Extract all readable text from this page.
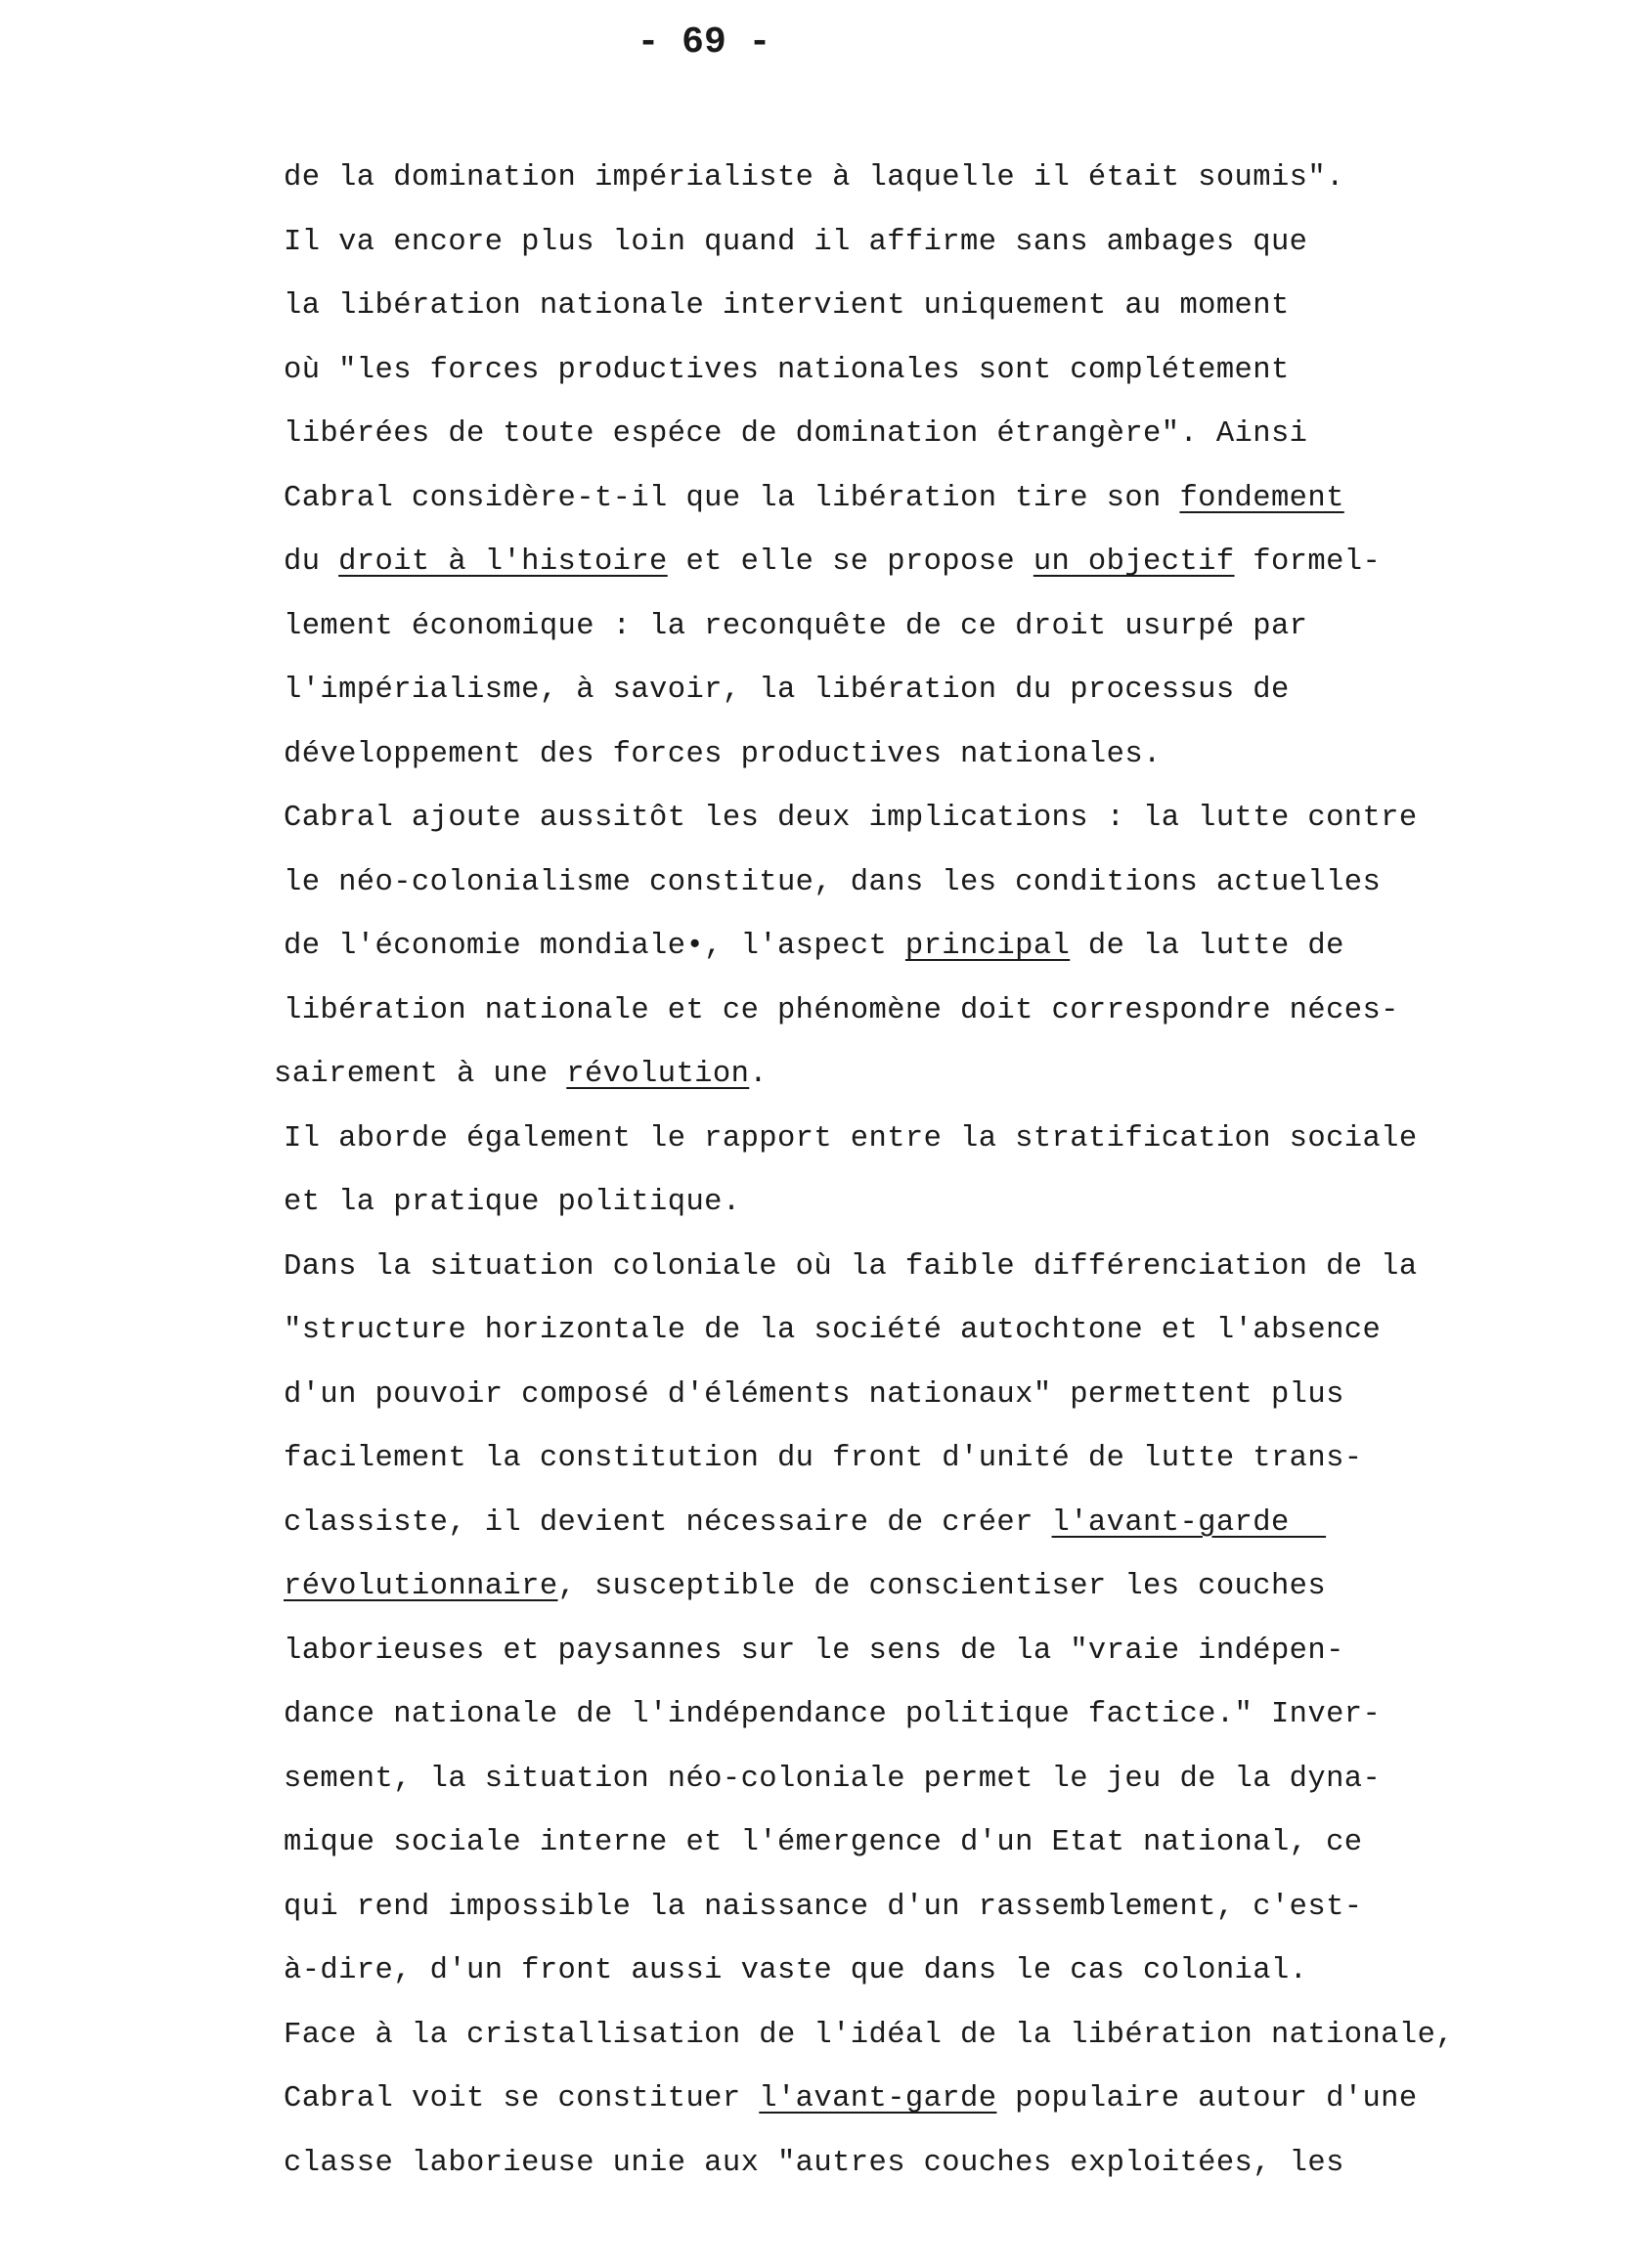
- 69 -
de la domination impérialiste à laquelle il était soumis".
Il va encore plus loin quand il affirme sans ambages que
la libération nationale intervient uniquement au moment
où "les forces productives nationales sont complétement
libérées de toute espéce de domination étrangère". Ainsi
Cabral considère-t-il que la libération tire son fondement
du droit à l'histoire et elle se propose un objectif formel-
lement économique : la reconquête de ce droit usurpé par
l'impérialisme, à savoir, la libération du processus de
développement des forces productives nationales.
Cabral ajoute aussitôt les deux implications : la lutte contre
le néo-colonialisme constitue, dans les conditions actuelles
de l'économie mondiale•, l'aspect principal de la lutte de
libération nationale et ce phénomène doit correspondre néces-
sairement à une révolution.
Il aborde également le rapport entre la stratification sociale
et la pratique politique.
Dans la situation coloniale où la faible différenciation de la
"structure horizontale de la société autochtone et l'absence
d'un pouvoir composé d'éléments nationaux" permettent plus
facilement la constitution du front d'unité de lutte trans-
classiste, il devient nécessaire de créer l'avant-garde
révolutionnaire, susceptible de conscientiser les couches
laborieuses et paysannes sur le sens de la "vraie indépen-
dance nationale de l'indépendance politique factice." Inver-
sement, la situation néo-coloniale permet le jeu de la dyna-
mique sociale interne et l'émergence d'un Etat national, ce
qui rend impossible la naissance d'un rassemblement, c'est-
à-dire, d'un front aussi vaste que dans le cas colonial.
Face à la cristallisation de l'idéal de la libération nationale,
Cabral voit se constituer l'avant-garde populaire autour d'une
classe laborieuse unie aux "autres couches exploitées, les
